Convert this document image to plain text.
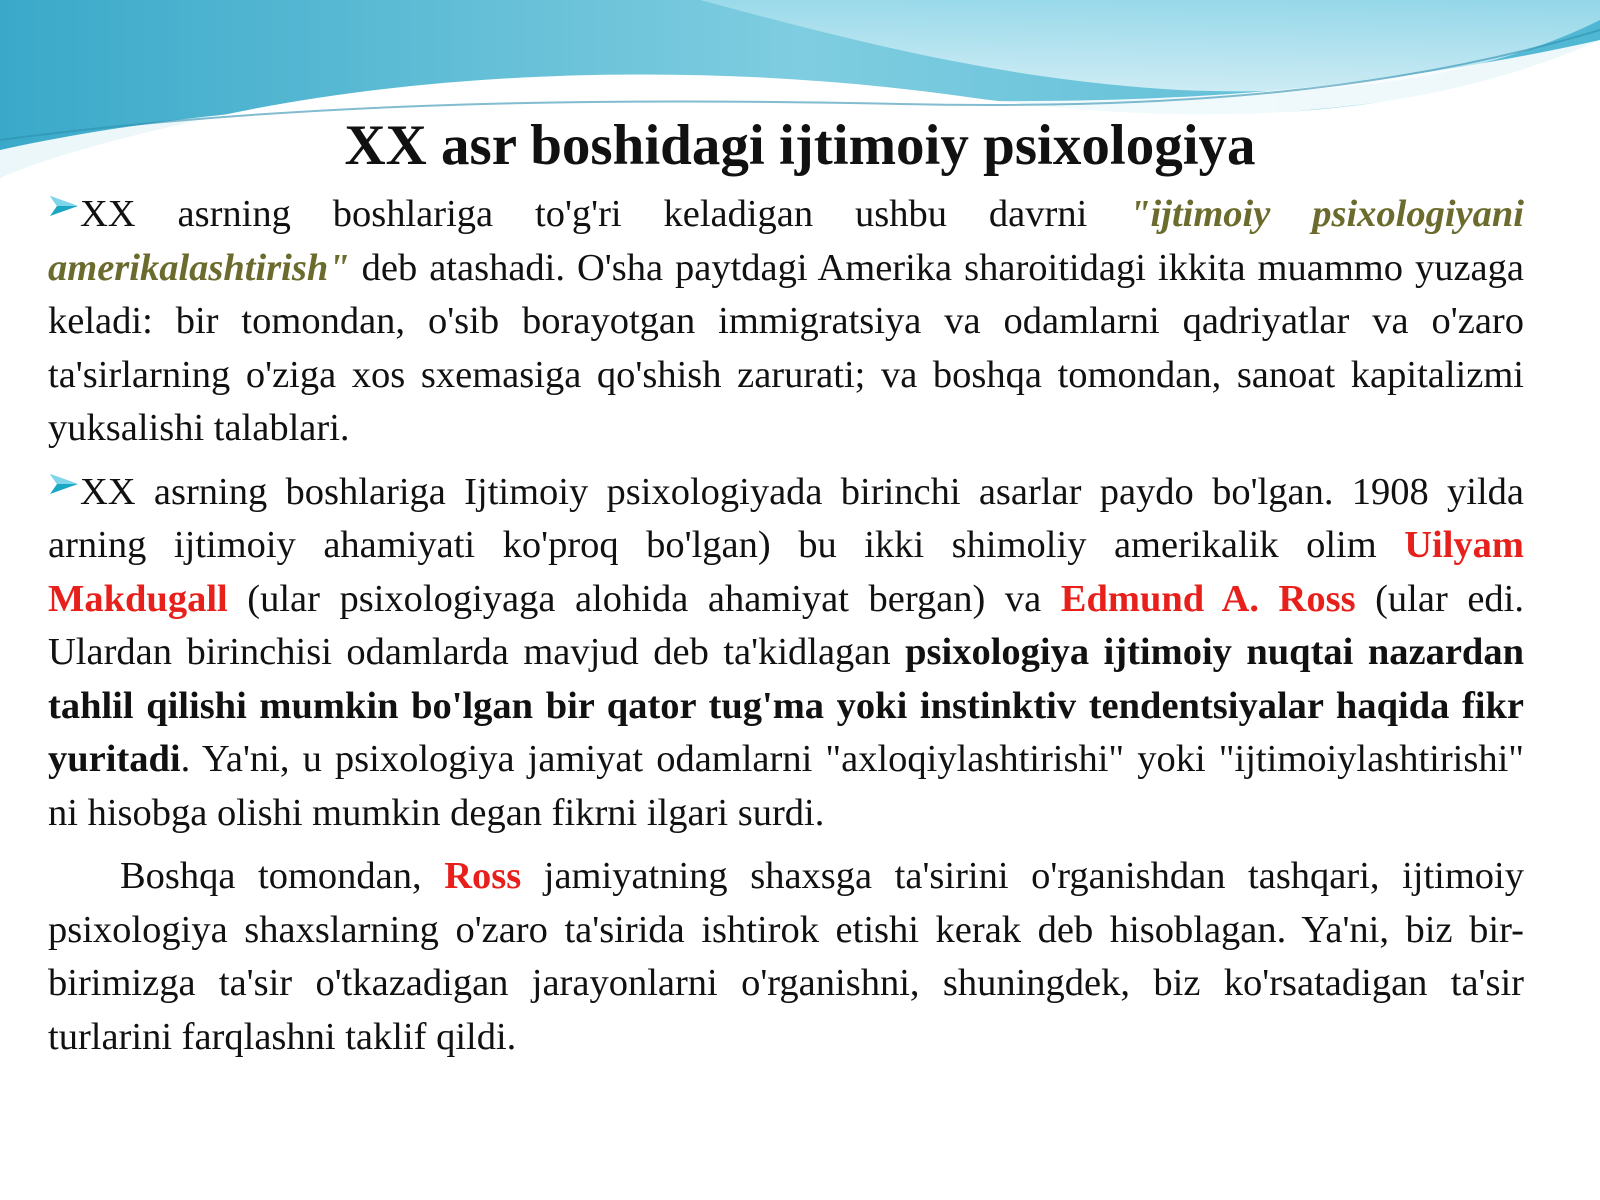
XX asr boshidagi ijtimoiy psixologiya

XX asrning boshlariga to'g'ri keladigan ushbu davrni "ijtimoiy psixologiyani amerikalashtirish" deb atashadi. O'sha paytdagi Amerika sharoitidagi ikkita muammo yuzaga keladi: bir tomondan, o'sib borayotgan immigratsiya va odamlarni qadriyatlar va o'zaro ta'sirlarning o'ziga xos sxemasiga qo'shish zarurati; va boshqa tomondan, sanoat kapitalizmi yuksalishi talablari.

XX asrning boshlariga Ijtimoiy psixologiyada birinchi asarlar paydo bo'lgan. 1908 yilda arning ijtimoiy ahamiyati ko'proq bo'lgan) bu ikki shimoliy amerikalik olim Uilyam Makdugall (ular psixologiyaga alohida ahamiyat bergan) va Edmund A. Ross (ular edi. Ulardan birinchisi odamlarda mavjud deb ta'kidlagan psixologiya ijtimoiy nuqtai nazardan tahlil qilishi mumkin bo'lgan bir qator tug'ma yoki instinktiv tendentsiyalar haqida fikr yuritadi. Ya'ni, u psixologiya jamiyat odamlarni "axloqiylashtirishi" yoki "ijtimoiylashtirishi" ni hisobga olishi mumkin degan fikrni ilgari surdi.

Boshqa tomondan, Ross jamiyatning shaxsga ta'sirini o'rganishdan tashqari, ijtimoiy psixologiya shaxslarning o'zaro ta'sirida ishtirok etishi kerak deb hisoblagan. Ya'ni, biz bir-birimizga ta'sir o'tkazadigan jarayonlarni o'rganishni, shuningdek, biz ko'rsatadigan ta'sir turlarini farqlashni taklif qildi.
